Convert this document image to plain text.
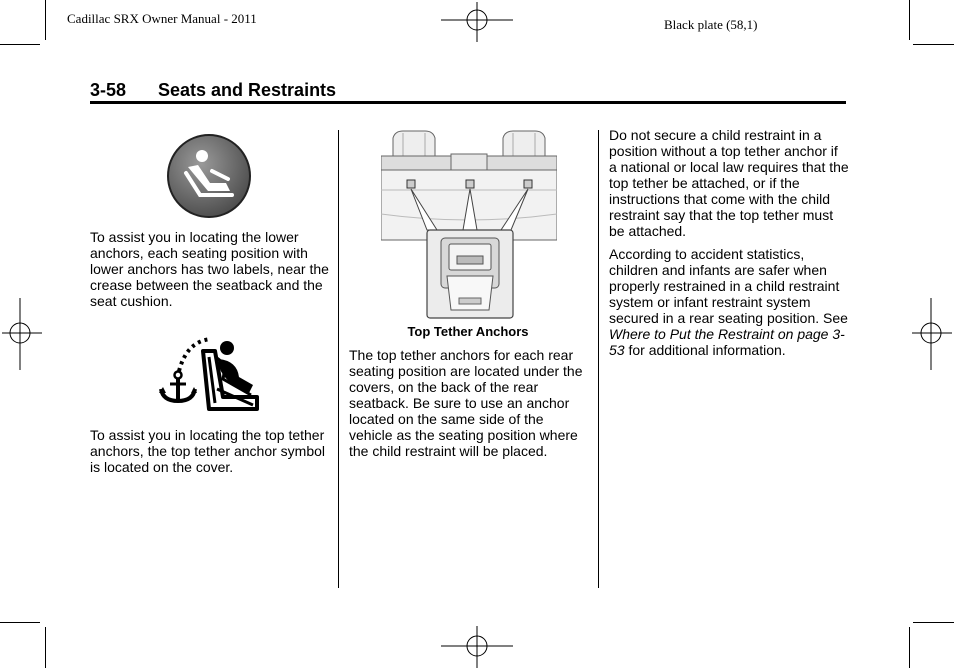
Cadillac SRX Owner Manual - 2011	Black plate (58,1)
3-58 Seats and Restraints

To assist you in locating the lower anchors, each seating position with lower anchors has two labels, near the crease between the seatback and the seat cushion.

To assist you in locating the top tether anchors, the top tether anchor symbol is located on the cover.

Top Tether Anchors

The top tether anchors for each rear seating position are located under the covers, on the back of the rear seatback. Be sure to use an anchor located on the same side of the vehicle as the seating position where the child restraint will be placed.

Do not secure a child restraint in a position without a top tether anchor if a national or local law requires that the top tether be attached, or if the instructions that come with the child restraint say that the top tether must be attached.

According to accident statistics, children and infants are safer when properly restrained in a child restraint system or infant restraint system secured in a rear seating position. See Where to Put the Restraint on page 3-53 for additional information.
